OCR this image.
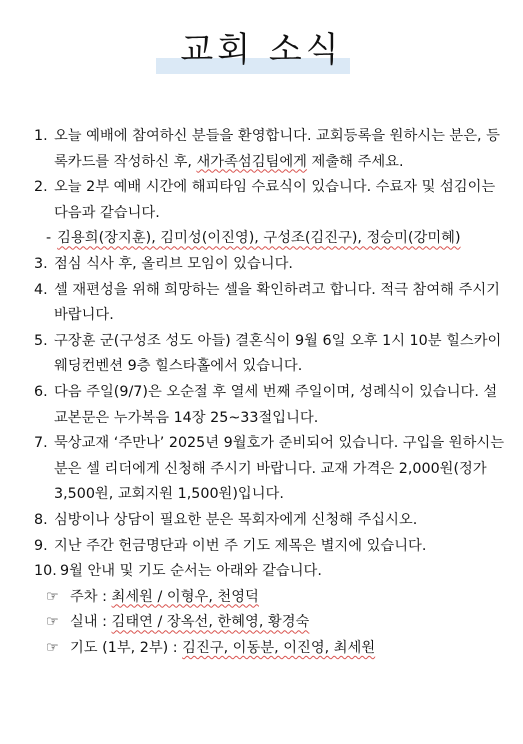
교회 소식
1. 오늘 예배에 참여하신 분들을 환영합니다. 교회등록을 원하시는 분은, 등록카드를 작성하신 후, 새가족섬김팀에게 제출해 주세요.
2. 오늘 2부 예배 시간에 해피타임 수료식이 있습니다. 수료자 및 섬김이는 다음과 같습니다.
- 김용희(장지훈), 김미성(이진영), 구성조(김진구), 정승미(강미혜)
3. 점심 식사 후, 올리브 모임이 있습니다.
4. 셀 재편성을 위해 희망하는 셀을 확인하려고 합니다. 적극 참여해 주시기 바랍니다.
5. 구장훈 군(구성조 성도 아들) 결혼식이 9월 6일 오후 1시 10분 힐스카이 웨딩컨벤션 9층 힐스타홀에서 있습니다.
6. 다음 주일(9/7)은 오순절 후 열세 번째 주일이며, 성례식이 있습니다. 설교본문은 누가복음 14장 25~33절입니다.
7. 묵상교재 ‘주만나’ 2025년 9월호가 준비되어 있습니다. 구입을 원하시는 분은 셀 리더에게 신청해 주시기 바랍니다. 교재 가격은 2,000원(정가 3,500원, 교회지원 1,500원)입니다.
8. 심방이나 상담이 필요한 분은 목회자에게 신청해 주십시오.
9. 지난 주간 헌금명단과 이번 주 기도 제목은 별지에 있습니다.
10. 9월 안내 및 기도 순서는 아래와 같습니다.
☞ 주차 : 최세원 / 이형우, 천영덕
☞ 실내 : 김태연 / 장옥선, 한혜영, 황경숙
☞ 기도 (1부, 2부) : 김진구, 이동분, 이진영, 최세원
